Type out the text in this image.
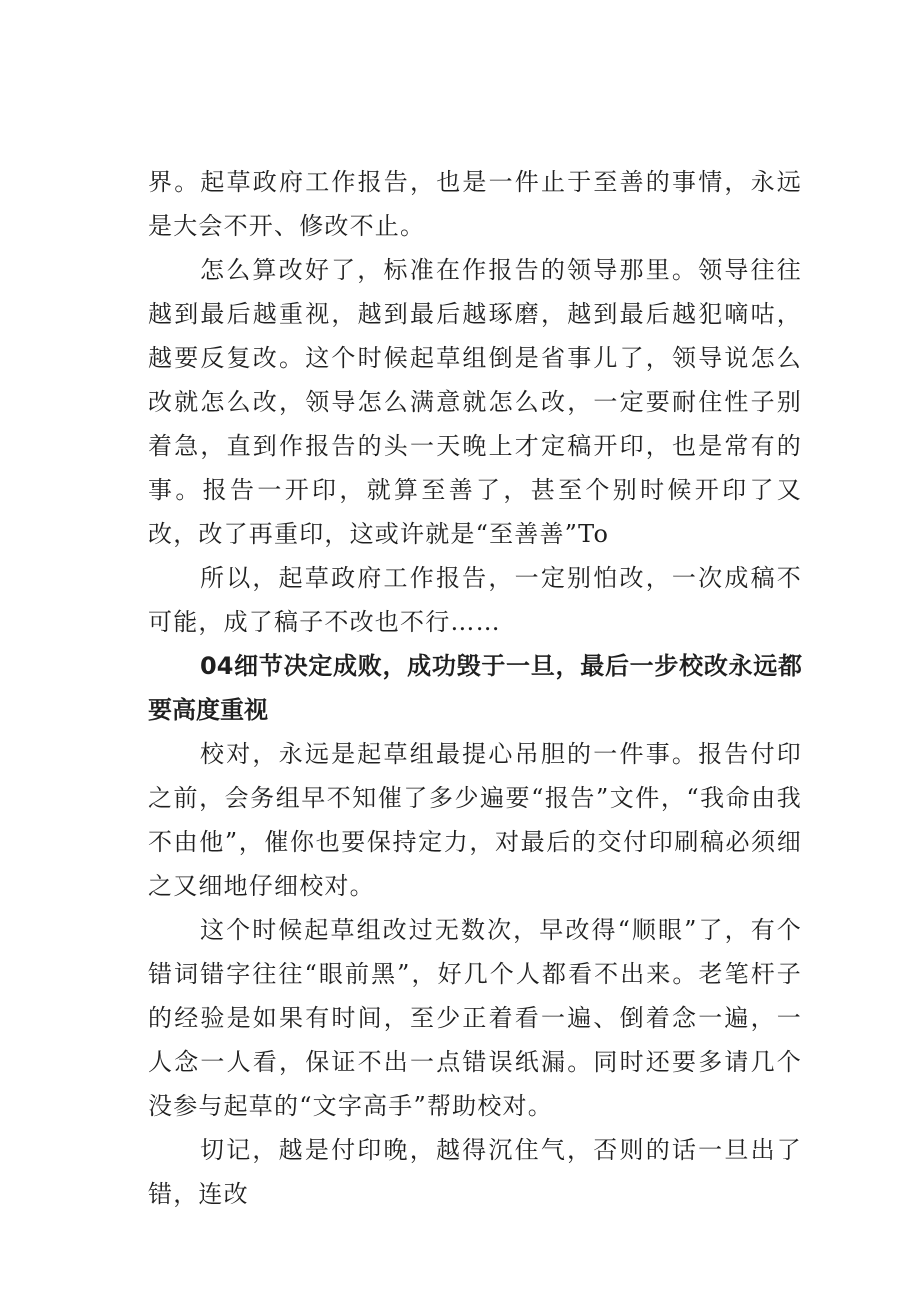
界。起草政府工作报告，也是一件止于至善的事情，永远是大会不开、修改不止。

怎么算改好了，标准在作报告的领导那里。领导往往越到最后越重视，越到最后越琢磨，越到最后越犯嘀咕，越要反复改。这个时候起草组倒是省事儿了，领导说怎么改就怎么改，领导怎么满意就怎么改，一定要耐住性子别着急，直到作报告的头一天晚上才定稿开印，也是常有的事。报告一开印，就算至善了，甚至个别时候开印了又改，改了再重印，这或许就是“至善善”To

所以，起草政府工作报告，一定别怕改，一次成稿不可能，成了稿子不改也不行……

04细节决定成败，成功毁于一旦，最后一步校改永远都要高度重视

校对，永远是起草组最提心吊胆的一件事。报告付印之前，会务组早不知催了多少遍要“报告”文件，“我命由我不由他”，催你也要保持定力，对最后的交付印刷稿必须细之又细地仔细校对。

这个时候起草组改过无数次，早改得“顺眼”了，有个错词错字往往“眼前黑”，好几个人都看不出来。老笔杆子的经验是如果有时间，至少正着看一遍、倒着念一遍，一人念一人看，保证不出一点错误纸漏。同时还要多请几个没参与起草的“文字高手”帮助校对。

切记，越是付印晚，越得沉住气，否则的话一旦出了错，连改
